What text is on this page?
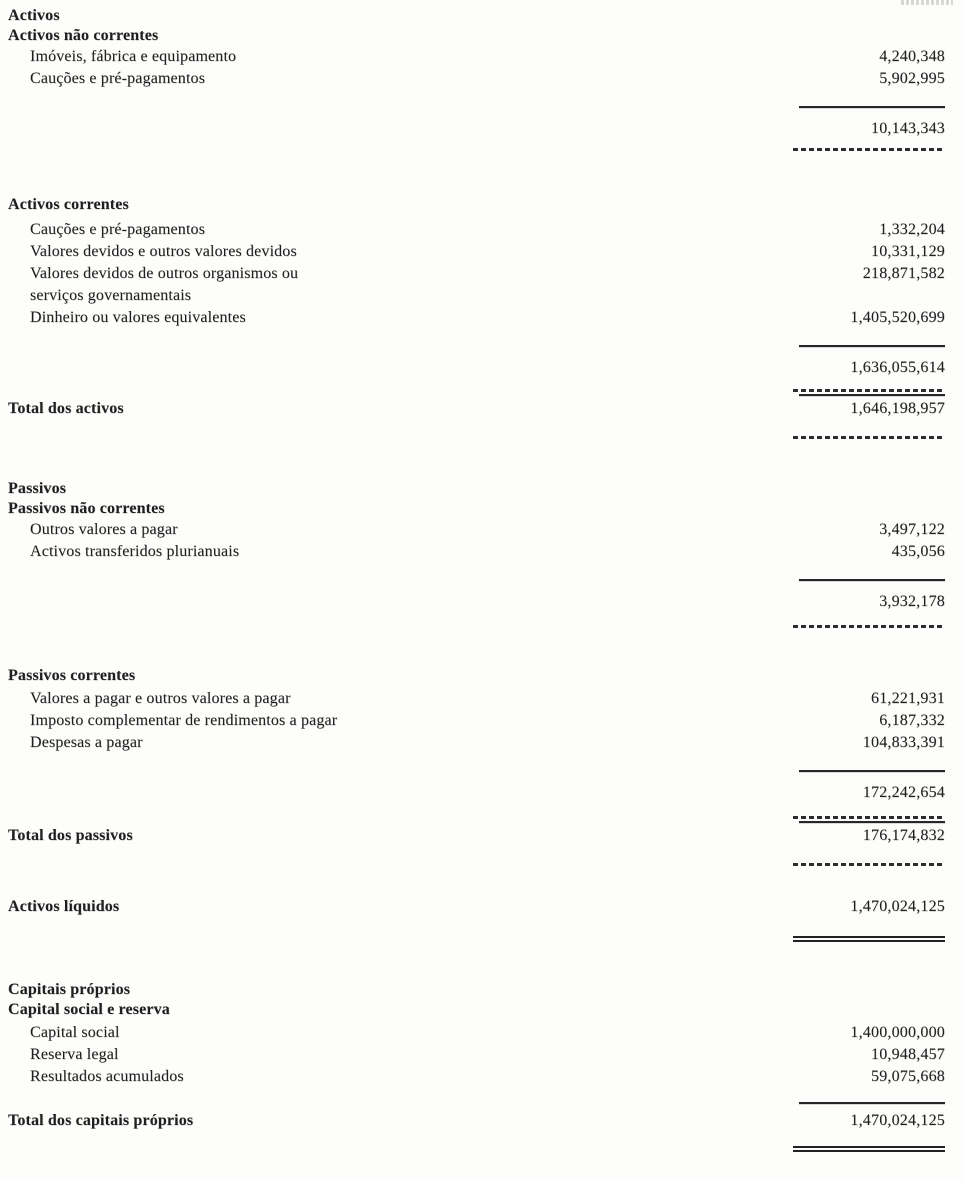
Activos
Activos não correntes
Imóveis, fábrica e equipamento	4,240,348
Cauções e pré-pagamentos	5,902,995
10,143,343
Activos correntes
Cauções e pré-pagamentos	1,332,204
Valores devidos e outros valores devidos	10,331,129
Valores devidos de outros organismos ou	218,871,582
serviços governamentais
Dinheiro ou valores equivalentes	1,405,520,699
1,636,055,614
Total dos activos	1,646,198,957
Passivos
Passivos não correntes
Outros valores a pagar	3,497,122
Activos transferidos plurianuais	435,056
3,932,178
Passivos correntes
Valores a pagar e outros valores a pagar	61,221,931
Imposto complementar de rendimentos a pagar	6,187,332
Despesas a pagar	104,833,391
172,242,654
Total dos passivos	176,174,832
Activos líquidos	1,470,024,125
Capitais próprios
Capital social e reserva
Capital social	1,400,000,000
Reserva legal	10,948,457
Resultados acumulados	59,075,668
Total dos capitais próprios	1,470,024,125
